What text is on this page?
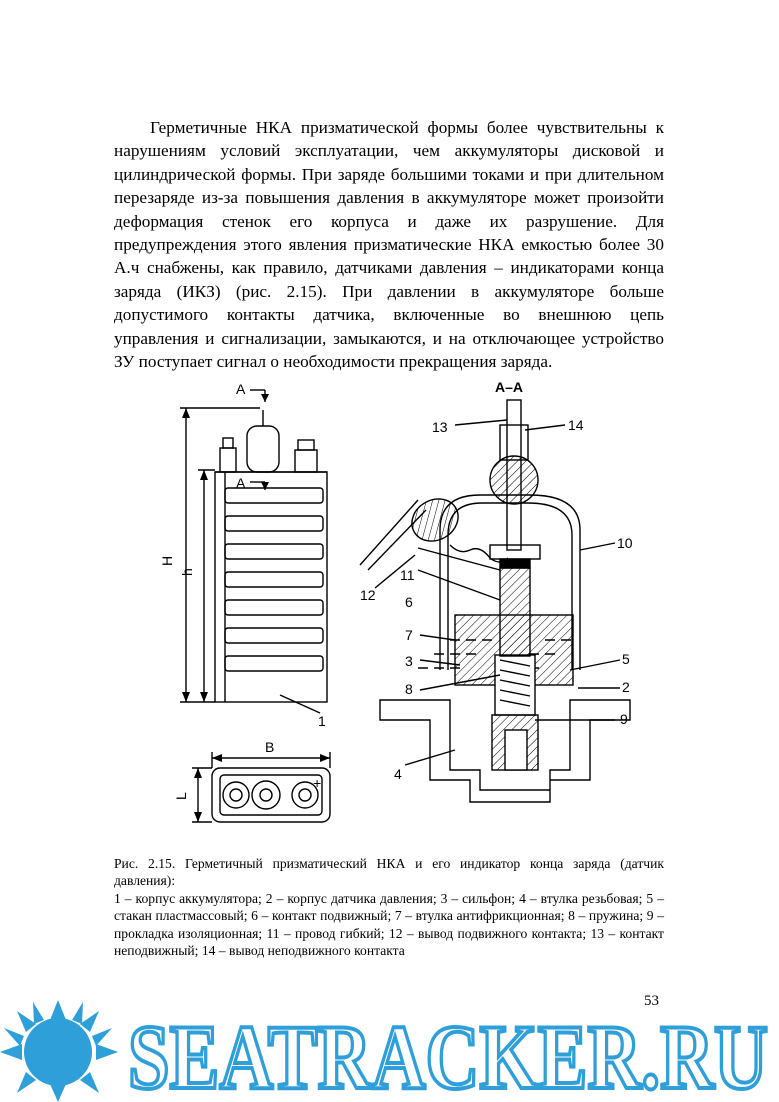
Герметичные НКА призматической формы более чувствительны к нарушениям условий эксплуатации, чем аккумуляторы дисковой и цилиндрической формы. При заряде большими токами и при длительном перезаряде из-за повышения давления в аккумуляторе может произойти деформация стенок его корпуса и даже их разрушение. Для предупреждения этого явления призматические НКА емкостью более 30 А.ч снабжены, как правило, датчиками давления – индикаторами конца заряда (ИКЗ) (рис. 2.15). При давлении в аккумуляторе больше допустимого контакты датчика, включенные во внешнюю цепь управления и сигнализации, замыкаются, и на отключающее устройство ЗУ поступает сигнал о необходимости прекращения заряда.

А–А
А
А
H
h
B
L
+
1
2
3
4
5
6
7
8
9
10
11
12
13	14
Рис. 2.15. Герметичный призматический НКА и его индикатор конца заряда (датчик давления):
1 – корпус аккумулятора; 2 – корпус датчика давления; 3 – сильфон; 4 – втулка резьбовая; 5 – стакан пластмассовый; 6 – контакт подвижный; 7 – втулка антифрикционная; 8 – пружина; 9 – прокладка изоляционная; 11 – провод гибкий; 12 – вывод подвижного контакта; 13 – контакт неподвижный; 14 – вывод неподвижного контакта
53
SEATRACKER.RU
